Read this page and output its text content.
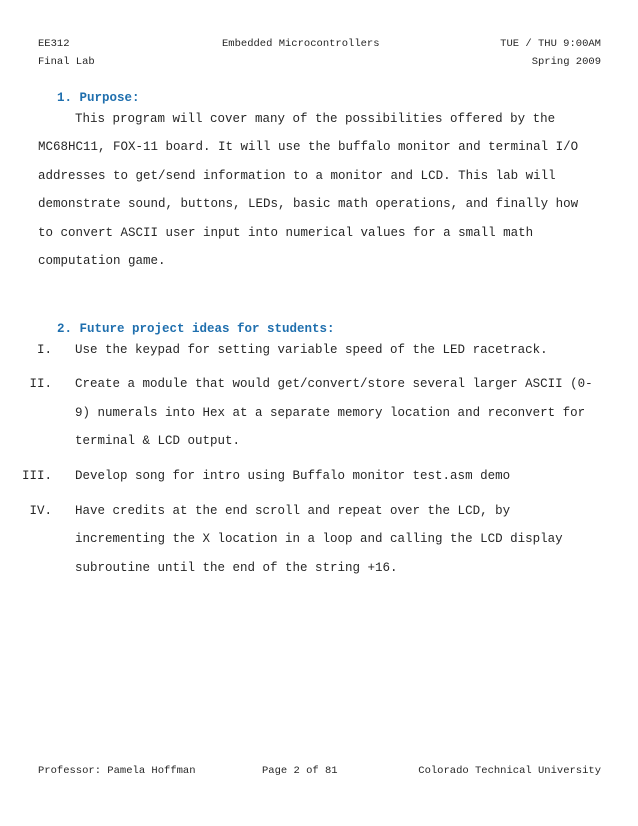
EE312	Embedded Microcontrollers	TUE / THU 9:00AM
Final Lab	Spring 2009
1. Purpose:
This program will cover many of the possibilities offered by the
MC68HC11, FOX-11 board. It will use the buffalo monitor and terminal I/O
addresses to get/send information to a monitor and LCD. This lab will
demonstrate sound, buttons, LEDs, basic math operations, and finally how
to convert ASCII user input into numerical values for a small math
computation game.
2. Future project ideas for students:
I. Use the keypad for setting variable speed of the LED racetrack.
II. Create a module that would get/convert/store several larger ASCII (0-
9) numerals into Hex at a separate memory location and reconvert for
terminal & LCD output.
III. Develop song for intro using Buffalo monitor test.asm demo
IV. Have credits at the end scroll and repeat over the LCD, by
incrementing the X location in a loop and calling the LCD display
subroutine until the end of the string +16.
Professor: Pamela Hoffman	Page 2 of 81	Colorado Technical University
